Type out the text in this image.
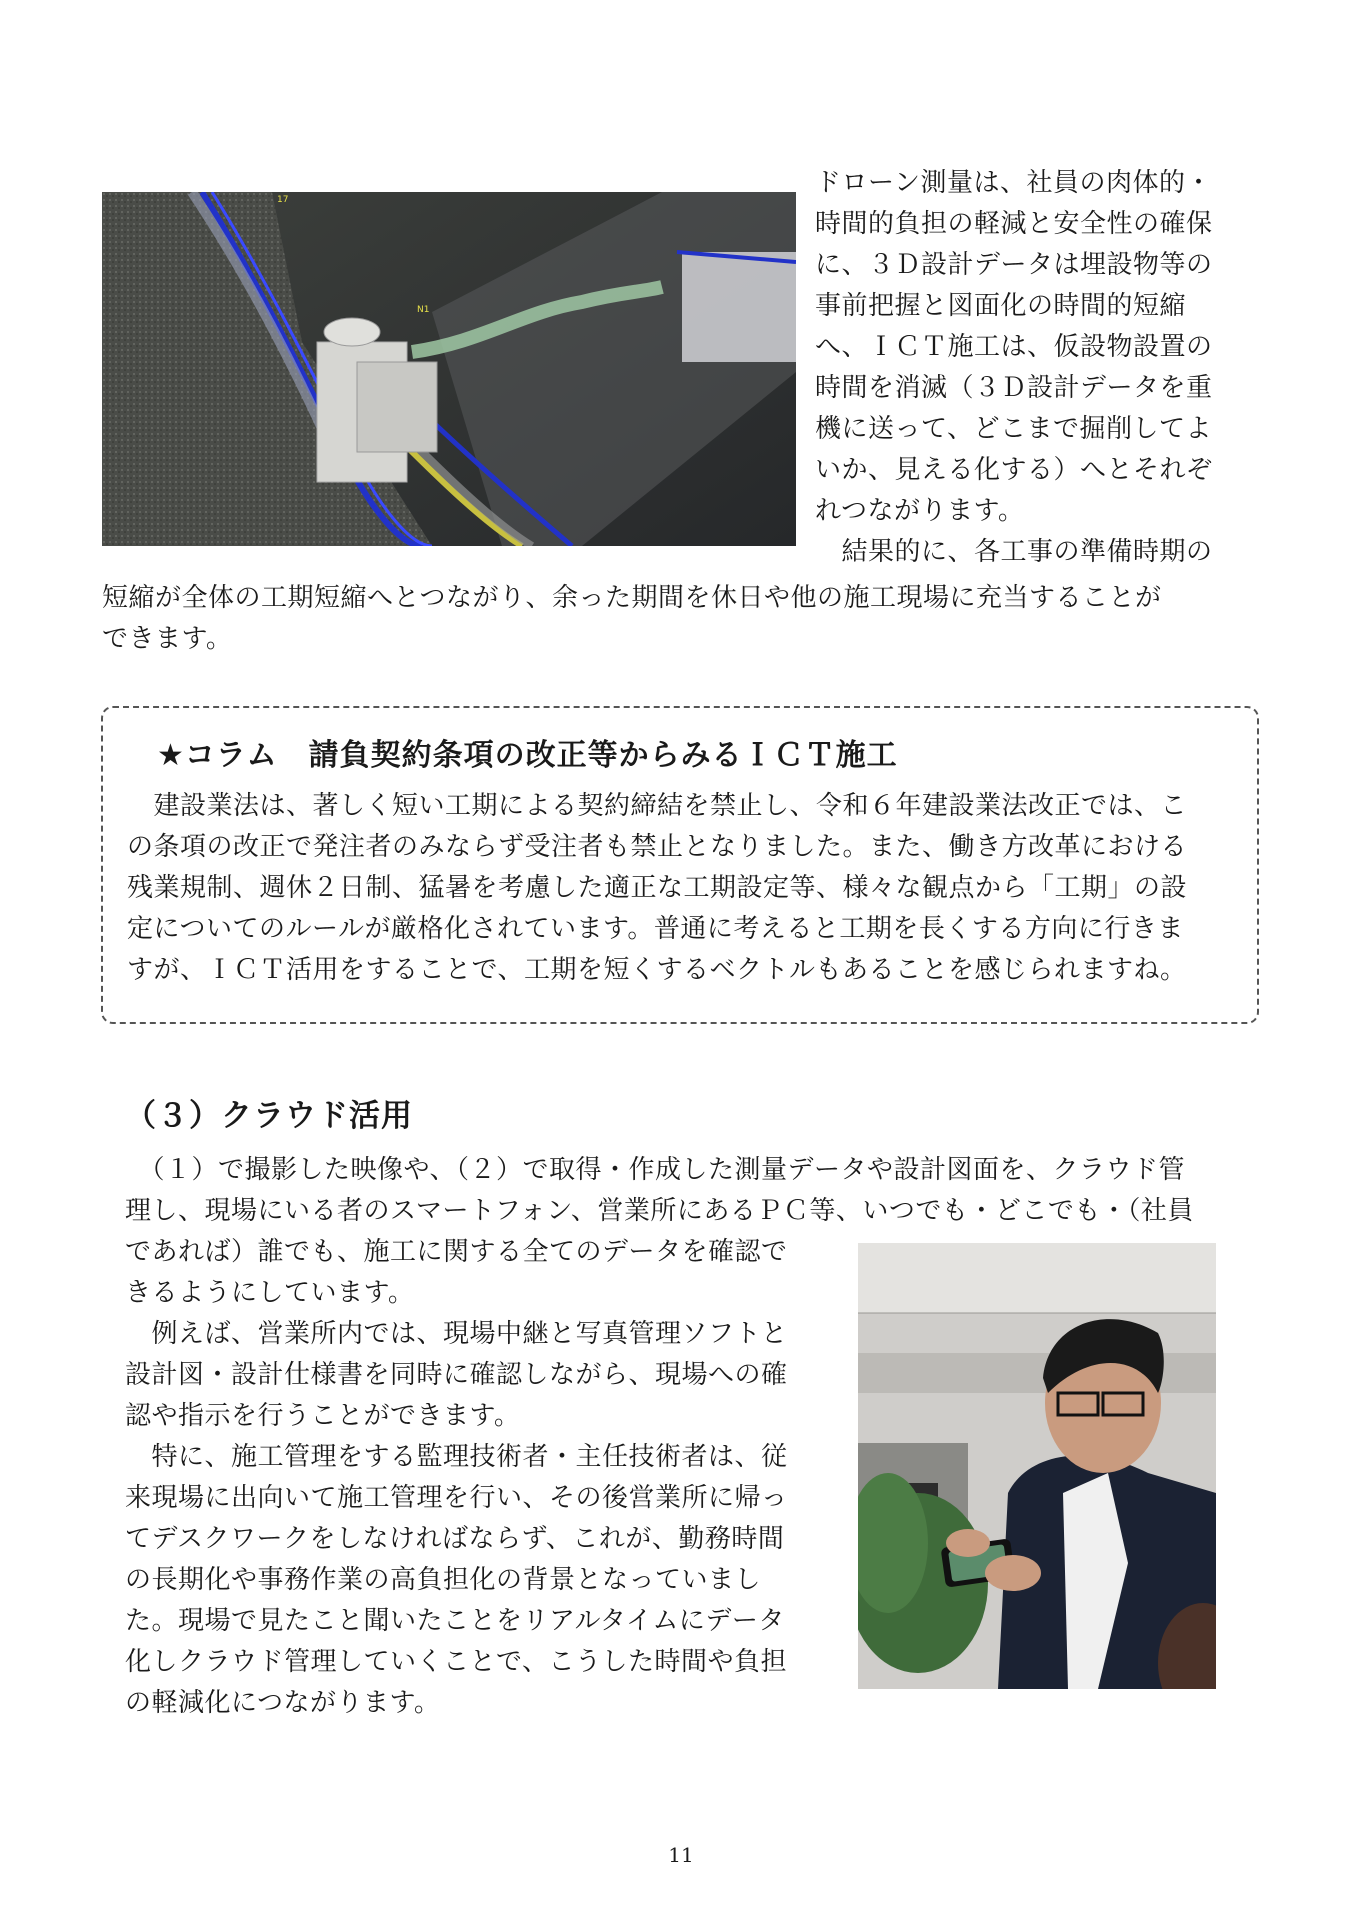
17
N1
ドローン測量は、社員の肉体的・
時間的負担の軽減と安全性の確保
に、３Ｄ設計データは埋設物等の
事前把握と図面化の時間的短縮
へ、ＩＣＴ施工は、仮設物設置の
時間を消滅（３Ｄ設計データを重
機に送って、どこまで掘削してよ
いか、見える化する）へとそれぞ
れつながります。
　結果的に、各工事の準備時期の
短縮が全体の工期短縮へとつながり、余った期間を休日や他の施工現場に充当することが
できます。
★コラム　請負契約条項の改正等からみるＩＣＴ施工
　建設業法は、著しく短い工期による契約締結を禁止し、令和６年建設業法改正では、こ
の条項の改正で発注者のみならず受注者も禁止となりました。また、働き方改革における
残業規制、週休２日制、猛暑を考慮した適正な工期設定等、様々な観点から「工期」の設
定についてのルールが厳格化されています。普通に考えると工期を長くする方向に行きま
すが、ＩＣＴ活用をすることで、工期を短くするベクトルもあることを感じられますね。
（３）クラウド活用
　（１）で撮影した映像や、（２）で取得・作成した測量データや設計図面を、クラウド管
理し、現場にいる者のスマートフォン、営業所にあるＰＣ等、いつでも・どこでも・（社員
であれば）誰でも、施工に関する全てのデータを確認で
きるようにしています。
　例えば、営業所内では、現場中継と写真管理ソフトと
設計図・設計仕様書を同時に確認しながら、現場への確
認や指示を行うことができます。
　特に、施工管理をする監理技術者・主任技術者は、従
来現場に出向いて施工管理を行い、その後営業所に帰っ
てデスクワークをしなければならず、これが、勤務時間
の長期化や事務作業の高負担化の背景となっていまし
た。現場で見たこと聞いたことをリアルタイムにデータ
化しクラウド管理していくことで、こうした時間や負担
の軽減化につながります。
11
